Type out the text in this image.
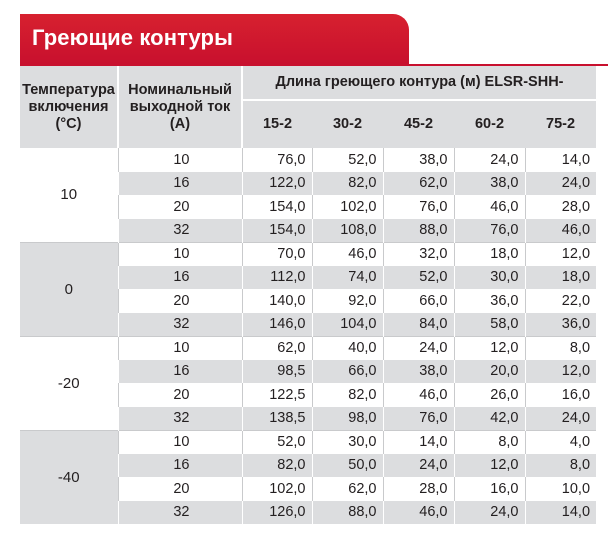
Греющие контуры
Температура включения (°C)	Номинальный выходной ток (А)	Длина греющего контура (м) ELSR-SHH-				
		15-2	30-2	45-2	60-2	75-2
10	10	76,0	52,0	38,0	24,0	14,0
	16	122,0	82,0	62,0	38,0	24,0
	20	154,0	102,0	76,0	46,0	28,0
	32	154,0	108,0	88,0	76,0	46,0
0	10	70,0	46,0	32,0	18,0	12,0
	16	112,0	74,0	52,0	30,0	18,0
	20	140,0	92,0	66,0	36,0	22,0
	32	146,0	104,0	84,0	58,0	36,0
-20	10	62,0	40,0	24,0	12,0	8,0
	16	98,5	66,0	38,0	20,0	12,0
	20	122,5	82,0	46,0	26,0	16,0
	32	138,5	98,0	76,0	42,0	24,0
-40	10	52,0	30,0	14,0	8,0	4,0
	16	82,0	50,0	24,0	12,0	8,0
	20	102,0	62,0	28,0	16,0	10,0
	32	126,0	88,0	46,0	24,0	14,0
